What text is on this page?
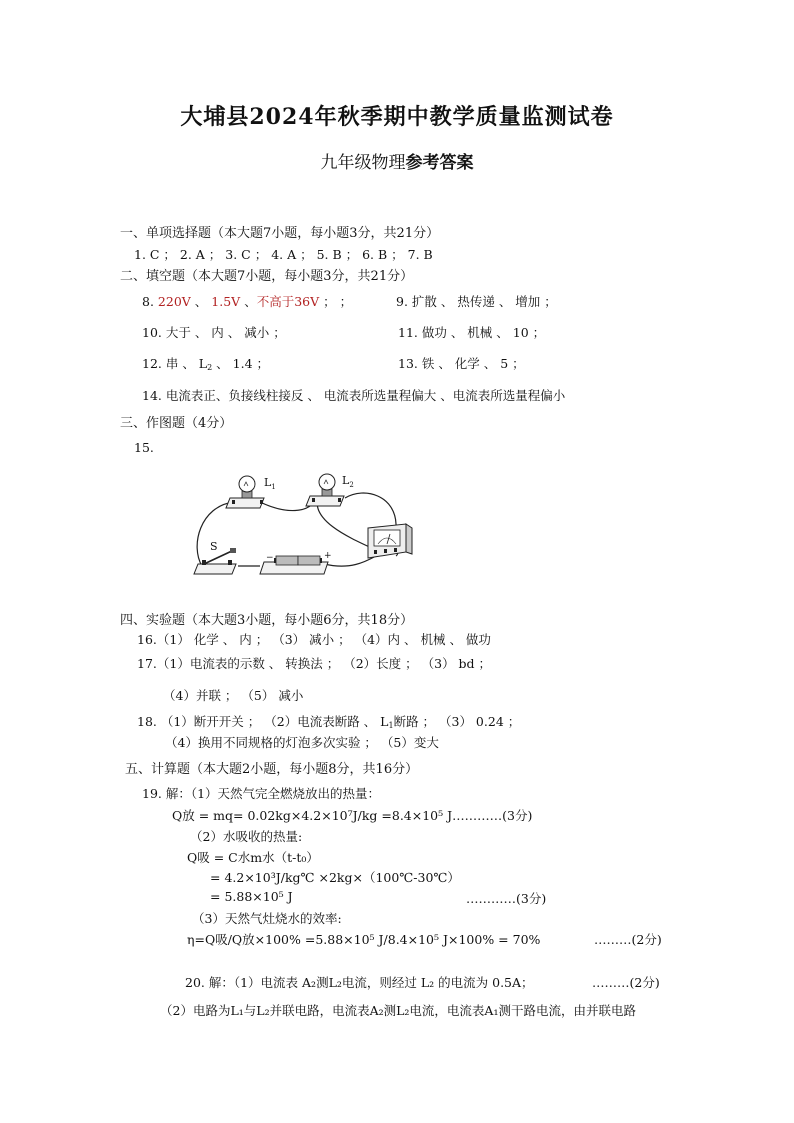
大埔县2024年秋季期中教学质量监测试卷
九年级物理参考答案
一、单项选择题（本大题7小题，每小题3分，共21分）
1. C ； 2. A ； 3. C ； 4. A ； 5. B ； 6. B ； 7. B
二、填空题（本大题7小题，每小题3分，共21分）
8. 220V 、 1.5V 、不高于36V ； ；	9. 扩散 、 热传递 、 增加 ；
10. 大于 、 内 、 减小 ；	11. 做功 、 机械 、 10 ；
12. 串 、 $L_2$ 、 1.4 ；	13. 铁 、 化学 、 5 ；
14. 电流表正、负接线柱接反 、 电流表所选量程偏大 、电流表所选量程偏小
三、作图题（4分）
15.
$L_1$	$L_2$
S
−	+
四、实验题（本大题3小题，每小题6分，共18分）
16.（1） 化学 、 内 ； （3） 减小 ； （4）内 、 机械 、 做功
17.（1）电流表的示数 、 转换法 ； （2）长度 ； （3） bd ；
（4）并联 ； （5） 减小
18. （1）断开开关 ； （2）电流表断路 、 $L_1$断路 ； （3） 0.24 ；
（4）换用不同规格的灯泡多次实验 ； （5）变大
五、计算题（本大题2小题，每小题8分，共16分）
19. 解：（1）天然气完全燃烧放出的热量：
Q放 = mq= 0.02kg×4.2×10⁷J/kg =8.4×10⁵ J…………(3分)
（2）水吸收的热量:
Q吸 = C水m水（t-t₀）
= 4.2×10³J/kg℃ ×2kg×（100℃-30℃）
= 5.88×10⁵ J	…………(3分)
（3）天然气灶烧水的效率:
η=Q吸/Q放×100% =5.88×10⁵ J/8.4×10⁵ J×100% = 70%	………(2分)
20. 解：（1）电流表 A₂测L₂电流，则经过 L₂ 的电流为 0.5A；	………(2分)
（2）电路为L₁与L₂并联电路，电流表A₂测L₂电流，电流表A₁测干路电流，由并联电路
